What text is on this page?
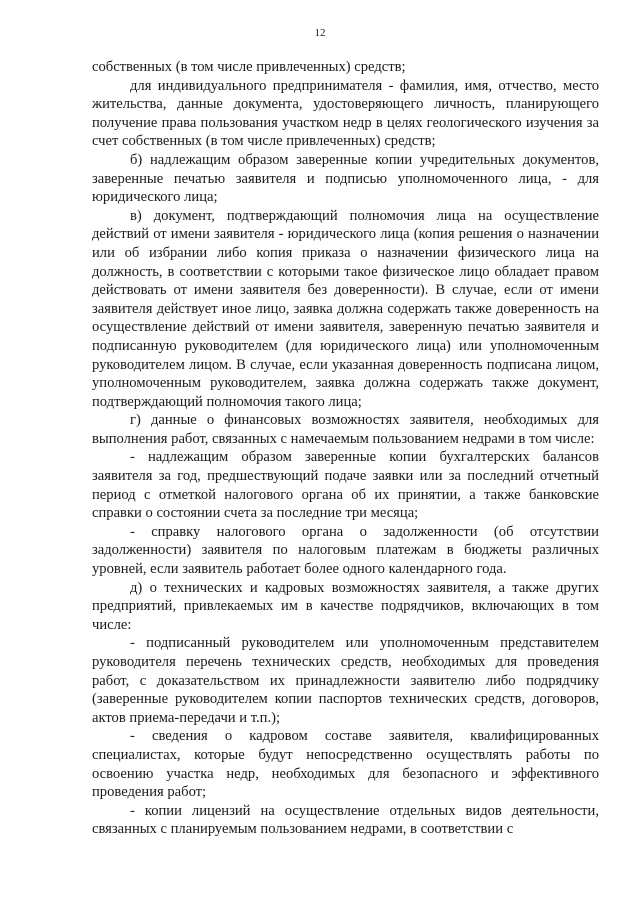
12

собственных (в том числе привлеченных) средств;

для индивидуального предпринимателя - фамилия, имя, отчество, место жительства, данные документа, удостоверяющего личность, планирующего получение права пользования участком недр в целях геологического изучения за счет собственных (в том числе привлеченных) средств;

б) надлежащим образом заверенные копии учредительных документов, заверенные печатью заявителя и подписью уполномоченного лица, - для юридического лица;

в) документ, подтверждающий полномочия лица на осуществление действий от имени заявителя - юридического лица (копия решения о назначении или об избрании либо копия приказа о назначении физического лица на должность, в соответствии с которыми такое физическое лицо обладает правом действовать от имени заявителя без доверенности). В случае, если от имени заявителя действует иное лицо, заявка должна содержать также доверенность на осуществление действий от имени заявителя, заверенную печатью заявителя и подписанную руководителем (для юридического лица) или уполномоченным руководителем лицом. В случае, если указанная доверенность подписана лицом, уполномоченным руководителем, заявка должна содержать также документ, подтверждающий полномочия такого лица;

г) данные о финансовых возможностях заявителя, необходимых для выполнения работ, связанных с намечаемым пользованием недрами в том числе:

- надлежащим образом заверенные копии бухгалтерских балансов заявителя за год, предшествующий подаче заявки или за последний отчетный период с отметкой налогового органа об их принятии, а также банковские справки о состоянии счета за последние три месяца;

- справку налогового органа о задолженности (об отсутствии задолженности) заявителя по налоговым платежам в бюджеты различных уровней, если заявитель работает более одного календарного года.

д) о технических и кадровых возможностях заявителя, а также других предприятий, привлекаемых им в качестве подрядчиков, включающих в том числе:

- подписанный руководителем или уполномоченным представителем руководителя перечень технических средств, необходимых для проведения работ, с доказательством их принадлежности заявителю либо подрядчику (заверенные руководителем копии паспортов технических средств, договоров, актов приема-передачи и т.п.);

- сведения о кадровом составе заявителя, квалифицированных специалистах, которые будут непосредственно осуществлять работы по освоению участка недр, необходимых для безопасного и эффективного проведения работ;

- копии лицензий на осуществление отдельных видов деятельности, связанных с планируемым пользованием недрами, в соответствии с
